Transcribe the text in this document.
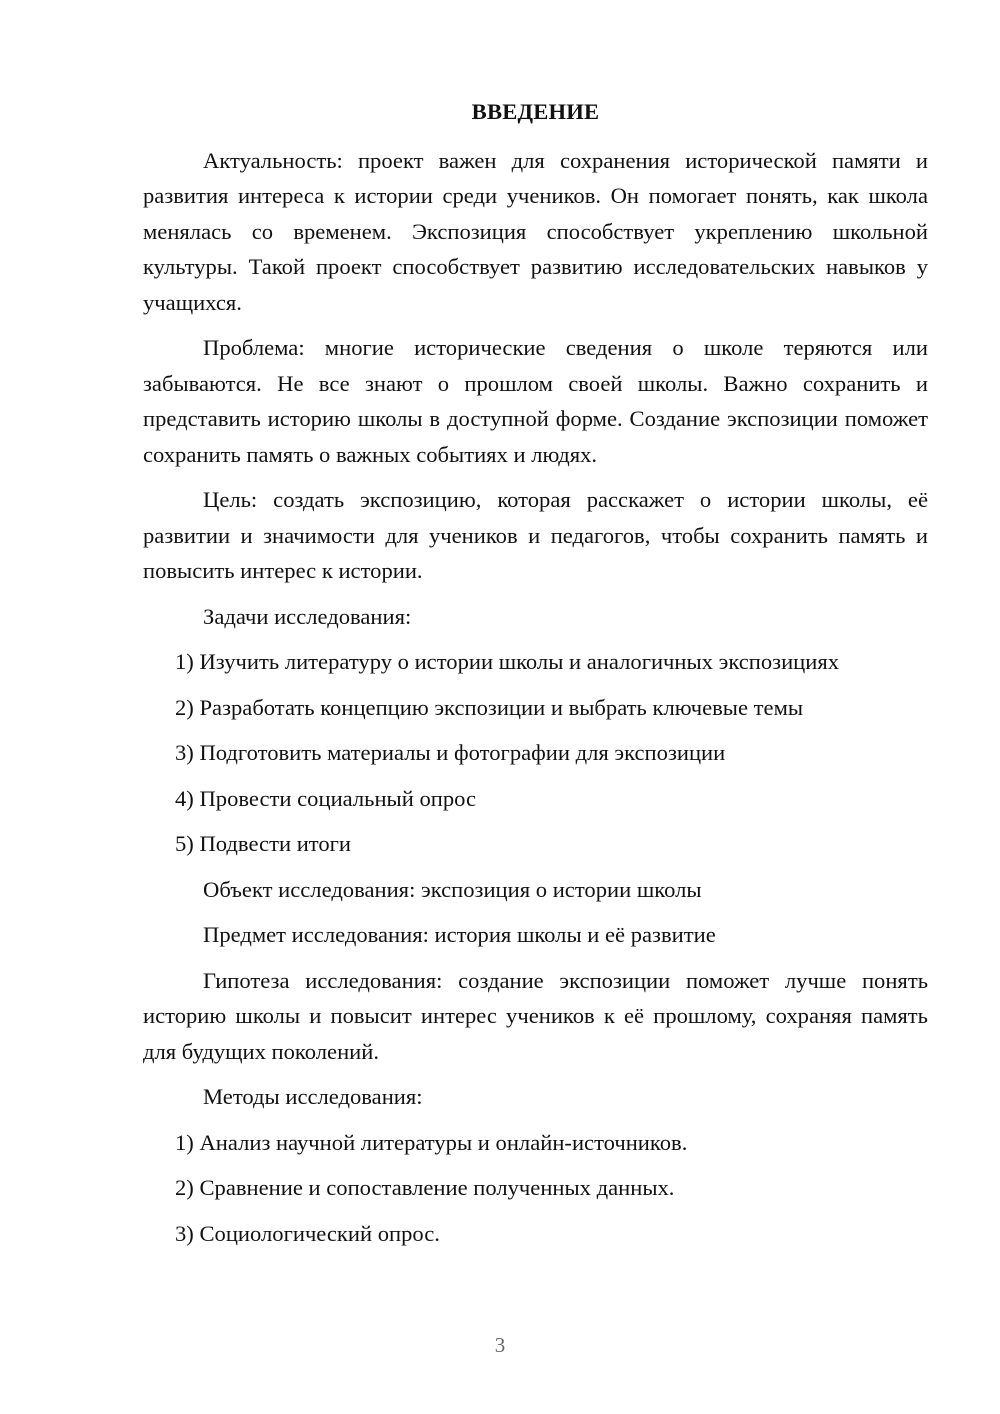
ВВЕДЕНИЕ

Актуальность: проект важен для сохранения исторической памяти и развития интереса к истории среди учеников. Он помогает понять, как школа менялась со временем. Экспозиция способствует укреплению школьной культуры. Такой проект способствует развитию исследовательских навыков у учащихся.

Проблема: многие исторические сведения о школе теряются или забываются. Не все знают о прошлом своей школы. Важно сохранить и представить историю школы в доступной форме. Создание экспозиции поможет сохранить память о важных событиях и людях.

Цель: создать экспозицию, которая расскажет о истории школы, её развитии и значимости для учеников и педагогов, чтобы сохранить память и повысить интерес к истории.

Задачи исследования:
1) Изучить литературу о истории школы и аналогичных экспозициях
2) Разработать концепцию экспозиции и выбрать ключевые темы
3) Подготовить материалы и фотографии для экспозиции
4) Провести социальный опрос
5) Подвести итоги
Объект исследования: экспозиция о истории школы
Предмет исследования: история школы и её развитие

Гипотеза исследования: создание экспозиции поможет лучше понять историю школы и повысит интерес учеников к её прошлому, сохраняя память для будущих поколений.

Методы исследования:
1) Анализ научной литературы и онлайн-источников.
2) Сравнение и сопоставление полученных данных.
3) Социологический опрос.
3
